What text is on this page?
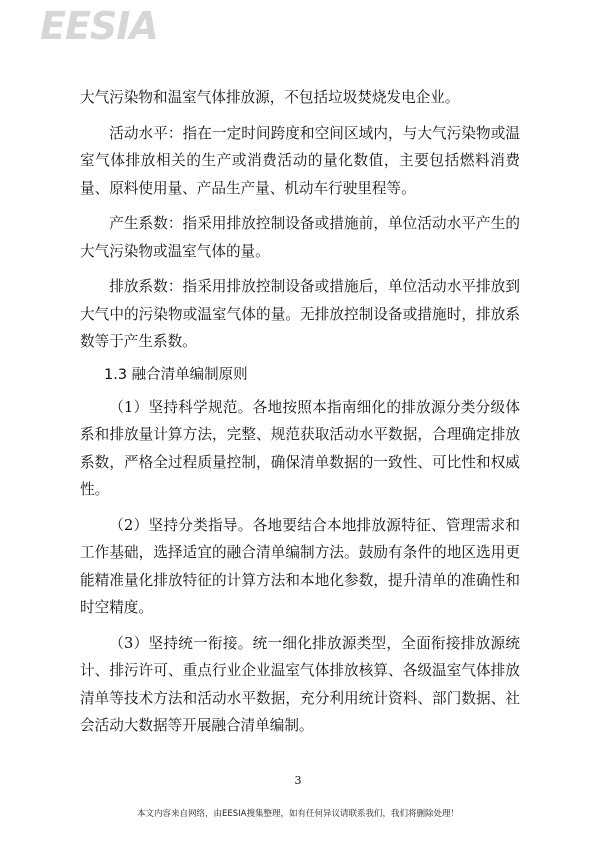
EESIA

大气污染物和温室气体排放源，不包括垃圾焚烧发电企业。

活动水平：指在一定时间跨度和空间区域内，与大气污染物或温室气体排放相关的生产或消费活动的量化数值，主要包括燃料消费量、原料使用量、产品生产量、机动车行驶里程等。

产生系数：指采用排放控制设备或措施前，单位活动水平产生的大气污染物或温室气体的量。

排放系数：指采用排放控制设备或措施后，单位活动水平排放到大气中的污染物或温室气体的量。无排放控制设备或措施时，排放系数等于产生系数。

1.3 融合清单编制原则

（1）坚持科学规范。各地按照本指南细化的排放源分类分级体系和排放量计算方法，完整、规范获取活动水平数据，合理确定排放系数，严格全过程质量控制，确保清单数据的一致性、可比性和权威性。

（2）坚持分类指导。各地要结合本地排放源特征、管理需求和工作基础，选择适宜的融合清单编制方法。鼓励有条件的地区选用更能精准量化排放特征的计算方法和本地化参数，提升清单的准确性和时空精度。

（3）坚持统一衔接。统一细化排放源类型，全面衔接排放源统计、排污许可、重点行业企业温室气体排放核算、各级温室气体排放清单等技术方法和活动水平数据，充分利用统计资料、部门数据、社会活动大数据等开展融合清单编制。

3
本文内容来自网络，由EESIA搜集整理，如有任何异议请联系我们，我们将删除处理！
